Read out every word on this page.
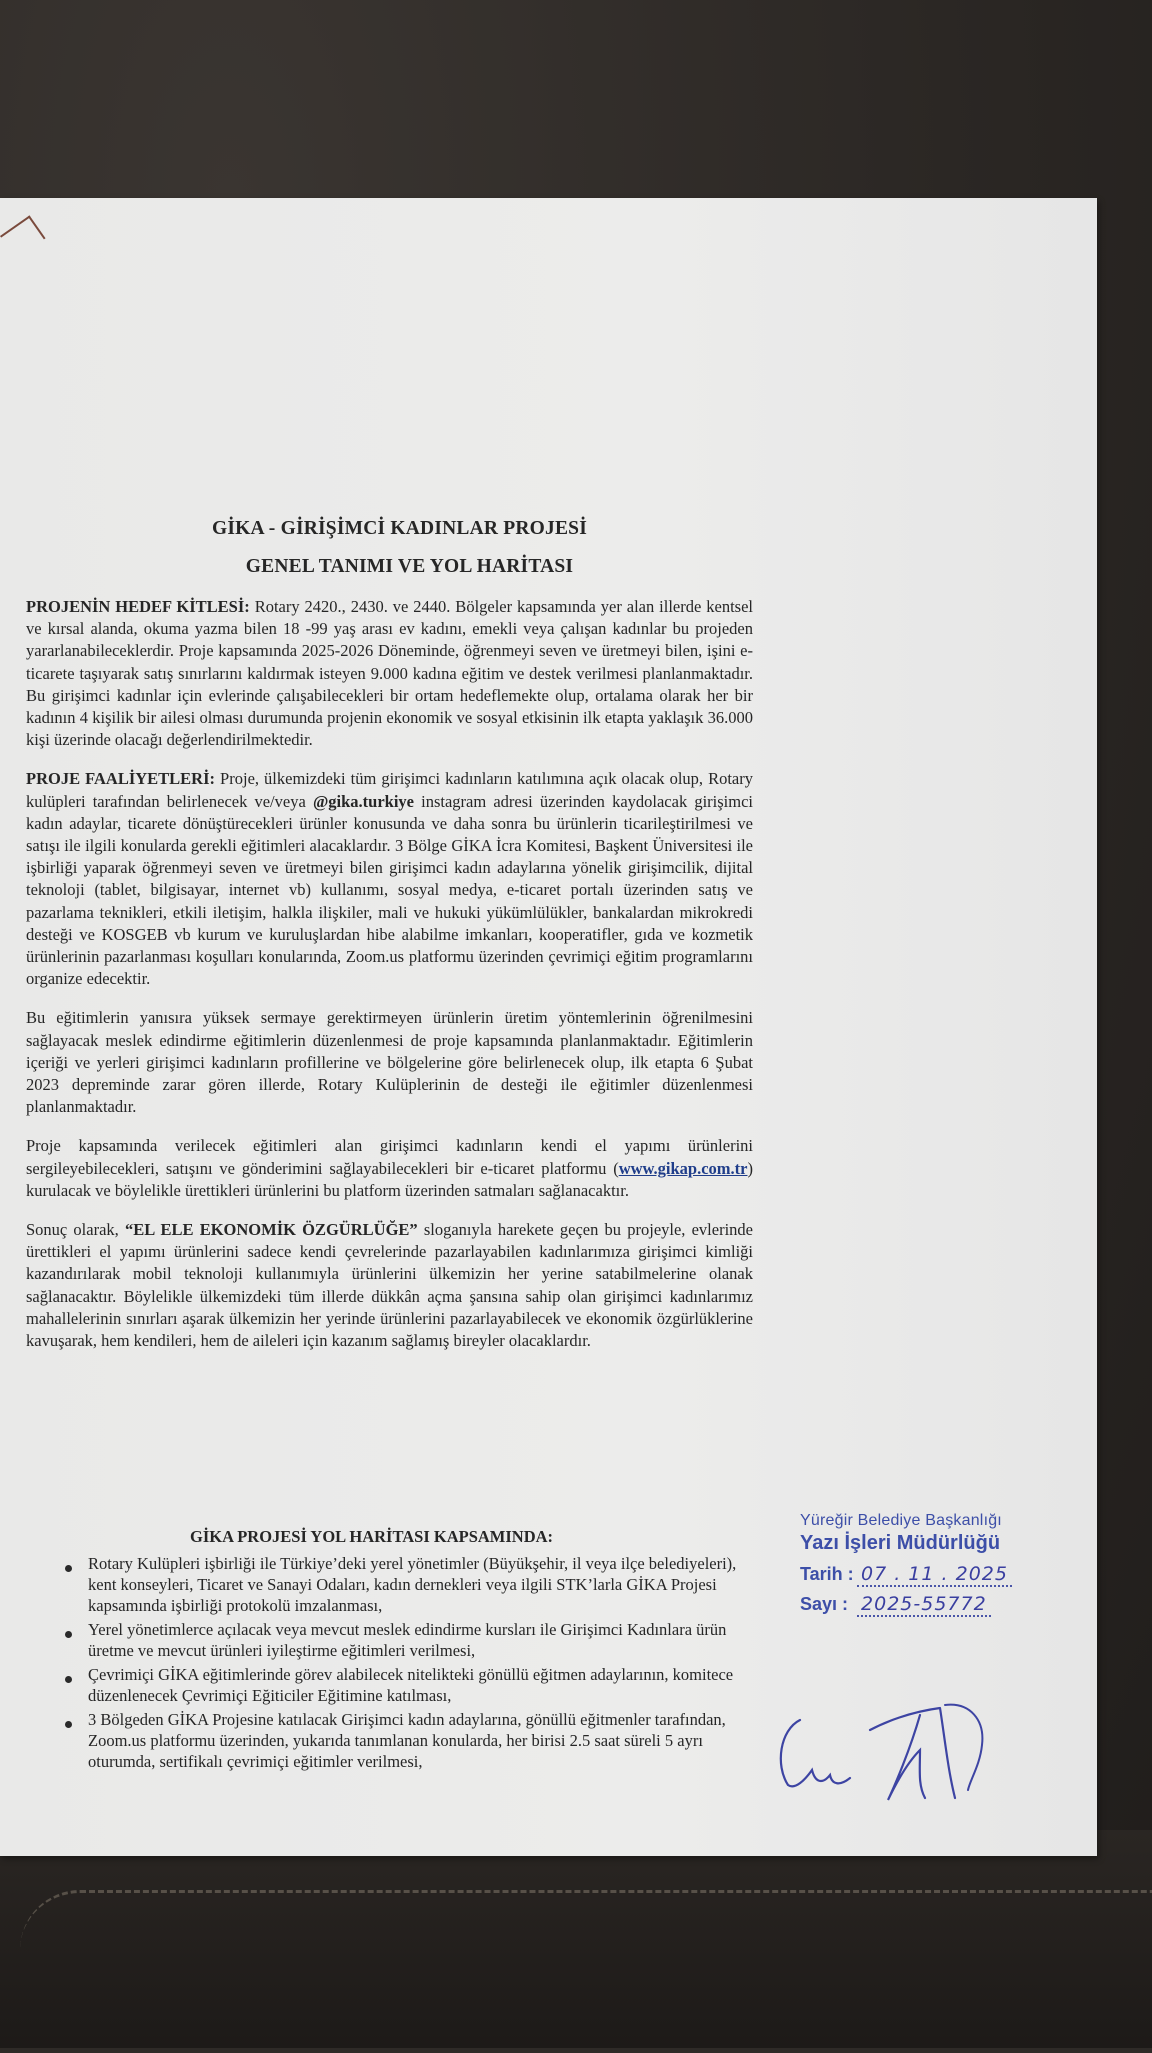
GİKA - GİRİŞİMCİ KADINLAR PROJESİ
GENEL TANIMI VE YOL HARİTASI

PROJENİN HEDEF KİTLESİ: Rotary 2420., 2430. ve 2440. Bölgeler kapsamında yer alan illerde kentsel ve kırsal alanda, okuma yazma bilen 18 -99 yaş arası ev kadını, emekli veya çalışan kadınlar bu projeden yararlanabileceklerdir. Proje kapsamında 2025-2026 Döneminde, öğrenmeyi seven ve üretmeyi bilen, işini e-ticarete taşıyarak satış sınırlarını kaldırmak isteyen 9.000 kadına eğitim ve destek verilmesi planlanmaktadır. Bu girişimci kadınlar için evlerinde çalışabilecekleri bir ortam hedeflemekte olup, ortalama olarak her bir kadının 4 kişilik bir ailesi olması durumunda projenin ekonomik ve sosyal etkisinin ilk etapta yaklaşık 36.000 kişi üzerinde olacağı değerlendirilmektedir.

PROJE FAALİYETLERİ: Proje, ülkemizdeki tüm girişimci kadınların katılımına açık olacak olup, Rotary kulüpleri tarafından belirlenecek ve/veya @gika.turkiye instagram adresi üzerinden kaydolacak girişimci kadın adaylar, ticarete dönüştürecekleri ürünler konusunda ve daha sonra bu ürünlerin ticarileştirilmesi ve satışı ile ilgili konularda gerekli eğitimleri alacaklardır. 3 Bölge GİKA İcra Komitesi, Başkent Üniversitesi ile işbirliği yaparak öğrenmeyi seven ve üretmeyi bilen girişimci kadın adaylarına yönelik girişimcilik, dijital teknoloji (tablet, bilgisayar, internet vb) kullanımı, sosyal medya, e-ticaret portalı üzerinden satış ve pazarlama teknikleri, etkili iletişim, halkla ilişkiler, mali ve hukuki yükümlülükler, bankalardan mikrokredi desteği ve KOSGEB vb kurum ve kuruluşlardan hibe alabilme imkanları, kooperatifler, gıda ve kozmetik ürünlerinin pazarlanması koşulları konularında, Zoom.us platformu üzerinden çevrimiçi eğitim programlarını organize edecektir.

Bu eğitimlerin yanısıra yüksek sermaye gerektirmeyen ürünlerin üretim yöntemlerinin öğrenilmesini sağlayacak meslek edindirme eğitimlerin düzenlenmesi de proje kapsamında planlanmaktadır. Eğitimlerin içeriği ve yerleri girişimci kadınların profillerine ve bölgelerine göre belirlenecek olup, ilk etapta 6 Şubat 2023 depreminde zarar gören illerde, Rotary Kulüplerinin de desteği ile eğitimler düzenlenmesi planlanmaktadır.

Proje kapsamında verilecek eğitimleri alan girişimci kadınların kendi el yapımı ürünlerini sergileyebilecekleri, satışını ve gönderimini sağlayabilecekleri bir e-ticaret platformu (www.gikap.com.tr) kurulacak ve böylelikle ürettikleri ürünlerini bu platform üzerinden satmaları sağlanacaktır.

Sonuç olarak, “EL ELE EKONOMİK ÖZGÜRLÜĞE” sloganıyla harekete geçen bu projeyle, evlerinde ürettikleri el yapımı ürünlerini sadece kendi çevrelerinde pazarlayabilen kadınlarımıza girişimci kimliği kazandırılarak mobil teknoloji kullanımıyla ürünlerini ülkemizin her yerine satabilmelerine olanak sağlanacaktır. Böylelikle ülkemizdeki tüm illerde dükkân açma şansına sahip olan girişimci kadınlarımız mahallelerinin sınırları aşarak ülkemizin her yerinde ürünlerini pazarlayabilecek ve ekonomik özgürlüklerine kavuşarak, hem kendileri, hem de aileleri için kazanım sağlamış bireyler olacaklardır.

GİKA PROJESİ YOL HARİTASI KAPSAMINDA:
Rotary Kulüpleri işbirliği ile Türkiye’deki yerel yönetimler (Büyükşehir, il veya ilçe belediyeleri), kent konseyleri, Ticaret ve Sanayi Odaları, kadın dernekleri veya ilgili STK’larla GİKA Projesi kapsamında işbirliği protokolü imzalanması,
Yerel yönetimlerce açılacak veya mevcut meslek edindirme kursları ile Girişimci Kadınlara ürün üretme ve mevcut ürünleri iyileştirme eğitimleri verilmesi,
Çevrimiçi GİKA eğitimlerinde görev alabilecek nitelikteki gönüllü eğitmen adaylarının, komitece düzenlenecek Çevrimiçi Eğiticiler Eğitimine katılması,
3 Bölgeden GİKA Projesine katılacak Girişimci kadın adaylarına, gönüllü eğitmenler tarafından, Zoom.us platformu üzerinden, yukarıda tanımlanan konularda, her birisi 2.5 saat süreli 5 ayrı oturumda, sertifikalı çevrimiçi eğitimler verilmesi,
Yüreğir Belediye Başkanlığı
Yazı İşleri Müdürlüğü
Tarih : 07 . 11 . 2025
Sayı : 2025-55772
